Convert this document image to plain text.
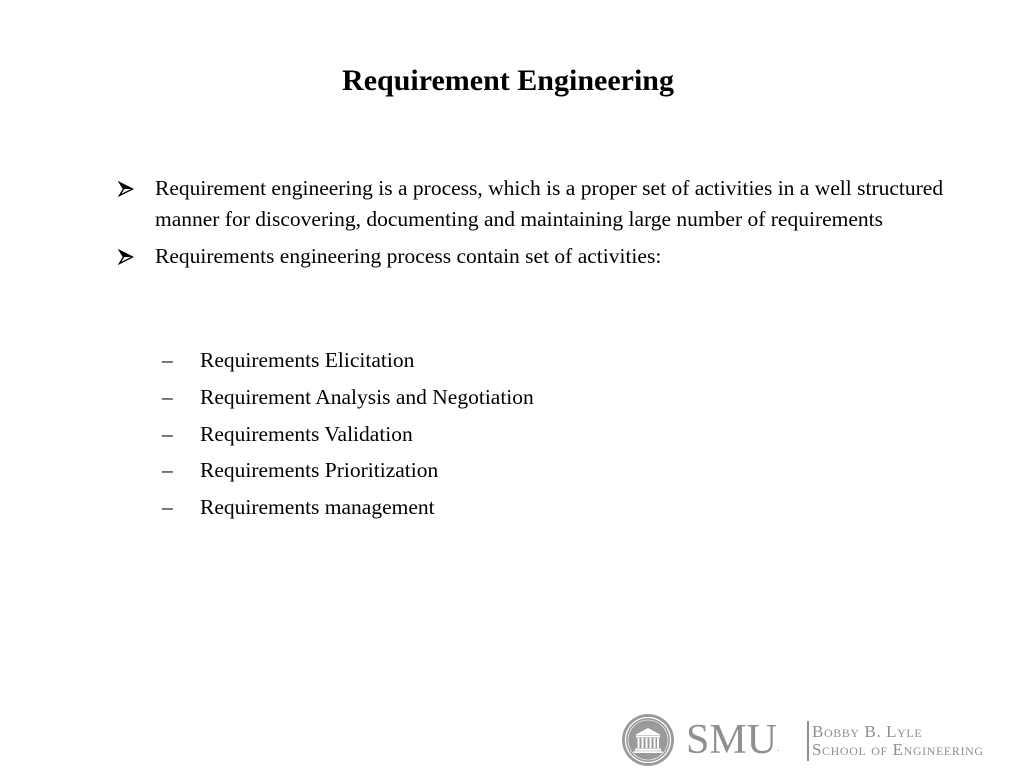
Requirement Engineering
Requirement engineering is a process, which is a proper set of activities in a well structured manner for discovering, documenting and maintaining large number of requirements
Requirements engineering process contain set of activities:
– Requirements Elicitation
– Requirement Analysis and Negotiation
– Requirements Validation
– Requirements Prioritization
– Requirements management
SMU.
Bobby B. Lyle
School of Engineering
